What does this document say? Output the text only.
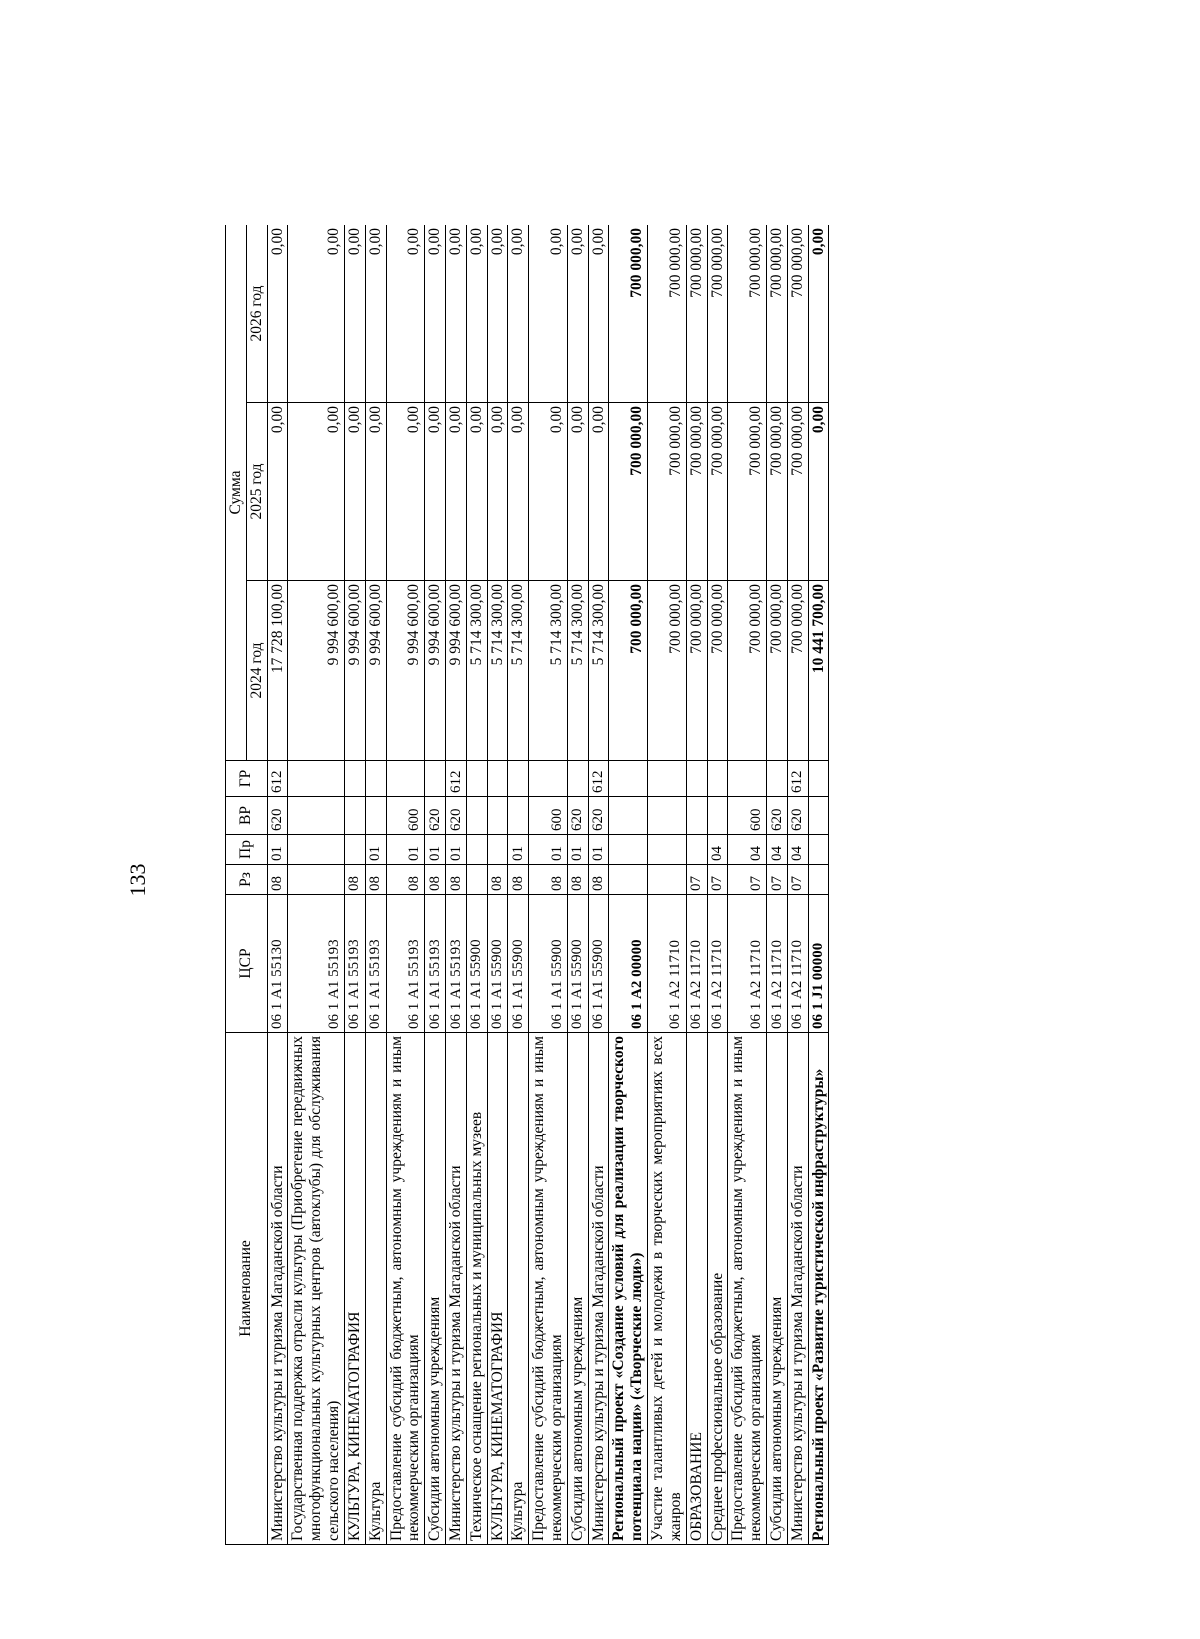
133
Наименование	ЦСР	Рз	Пр	ВР	ГР	Сумма		
						2024 год	2025 год	2026 год
Министерство культуры и туризма Магаданской области	06 1 А1 55130	08	01	620	612	17 728 100,00	0,00	0,00
Государственная поддержка отрасли культуры (Приобретение передвижных многофункциональных культурных центров (автоклубы) для обслуживания сельского населения)	06 1 А1 55193					9 994 600,00	0,00	0,00
КУЛЬТУРА, КИНЕМАТОГРАФИЯ	06 1 А1 55193	08				9 994 600,00	0,00	0,00
Культура	06 1 А1 55193	08	01			9 994 600,00	0,00	0,00
Предоставление субсидий бюджетным, автономным учреждениям и иным некоммерческим организациям	06 1 А1 55193	08	01	600		9 994 600,00	0,00	0,00
Субсидии автономным учреждениям	06 1 А1 55193	08	01	620		9 994 600,00	0,00	0,00
Министерство культуры и туризма Магаданской области	06 1 А1 55193	08	01	620	612	9 994 600,00	0,00	0,00
Техническое оснащение региональных и муниципальных музеев	06 1 А1 55900					5 714 300,00	0,00	0,00
КУЛЬТУРА, КИНЕМАТОГРАФИЯ	06 1 А1 55900	08				5 714 300,00	0,00	0,00
Культура	06 1 А1 55900	08	01			5 714 300,00	0,00	0,00
Предоставление субсидий бюджетным, автономным учреждениям и иным некоммерческим организациям	06 1 А1 55900	08	01	600		5 714 300,00	0,00	0,00
Субсидии автономным учреждениям	06 1 А1 55900	08	01	620		5 714 300,00	0,00	0,00
Министерство культуры и туризма Магаданской области	06 1 А1 55900	08	01	620	612	5 714 300,00	0,00	0,00
Региональный проект «Создание условий для реализации творческого потенциала нации» («Творческие люди»)	06 1 А2 00000					700 000,00	700 000,00	700 000,00
Участие талантливых детей и молодежи в творческих мероприятиях всех жанров	06 1 А2 11710					700 000,00	700 000,00	700 000,00
ОБРАЗОВАНИЕ	06 1 А2 11710	07				700 000,00	700 000,00	700 000,00
Среднее профессиональное образование	06 1 А2 11710	07	04			700 000,00	700 000,00	700 000,00
Предоставление субсидий бюджетным, автономным учреждениям и иным некоммерческим организациям	06 1 А2 11710	07	04	600		700 000,00	700 000,00	700 000,00
Субсидии автономным учреждениям	06 1 А2 11710	07	04	620		700 000,00	700 000,00	700 000,00
Министерство культуры и туризма Магаданской области	06 1 А2 11710	07	04	620	612	700 000,00	700 000,00	700 000,00
Региональный проект «Развитие туристической инфраструктуры»	06 1 J1 00000					10 441 700,00	0,00	0,00
